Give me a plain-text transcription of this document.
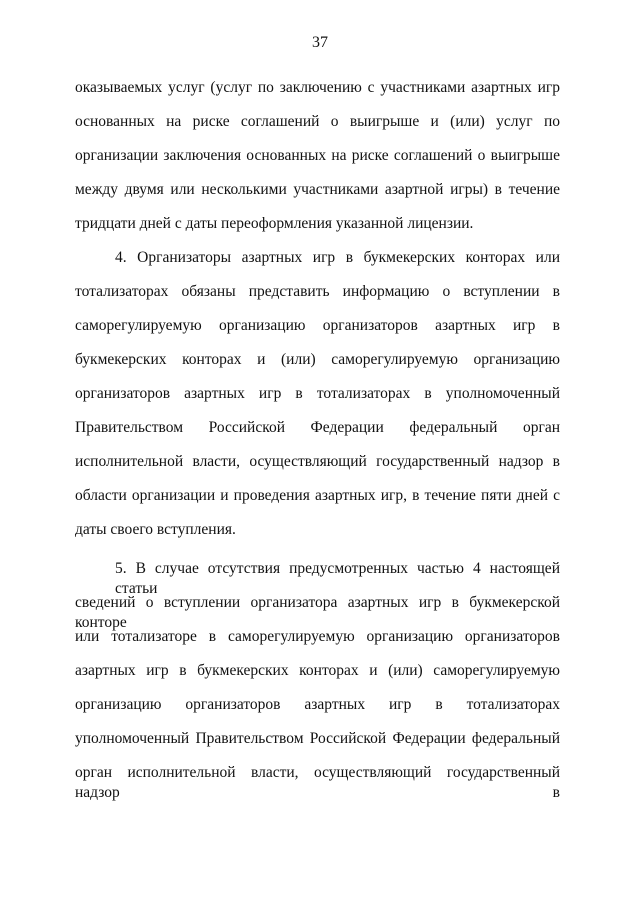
37
оказываемых услуг (услуг по заключению с участниками азартных игр
основанных на риске соглашений о выигрыше и (или) услуг по
организации заключения основанных на риске соглашений о выигрыше
между двумя или несколькими участниками азартной игры) в течение
тридцати дней с даты переоформления указанной лицензии.
4. Организаторы азартных игр в букмекерских конторах или
тотализаторах обязаны представить информацию о вступлении в
саморегулируемую организацию организаторов азартных игр в
букмекерских конторах и (или) саморегулируемую организацию
организаторов азартных игр в тотализаторах в уполномоченный
Правительством Российской Федерации федеральный орган
исполнительной власти, осуществляющий государственный надзор в
области организации и проведения азартных игр, в течение пяти дней с
даты своего вступления.
5. В случае отсутствия предусмотренных частью 4 настоящей статьи
сведений о вступлении организатора азартных игр в букмекерской конторе
или тотализаторе в саморегулируемую организацию организаторов
азартных игр в букмекерских конторах и (или) саморегулируемую
организацию организаторов азартных игр в тотализаторах
уполномоченный Правительством Российской Федерации федеральный
орган исполнительной власти, осуществляющий государственный надзор в
